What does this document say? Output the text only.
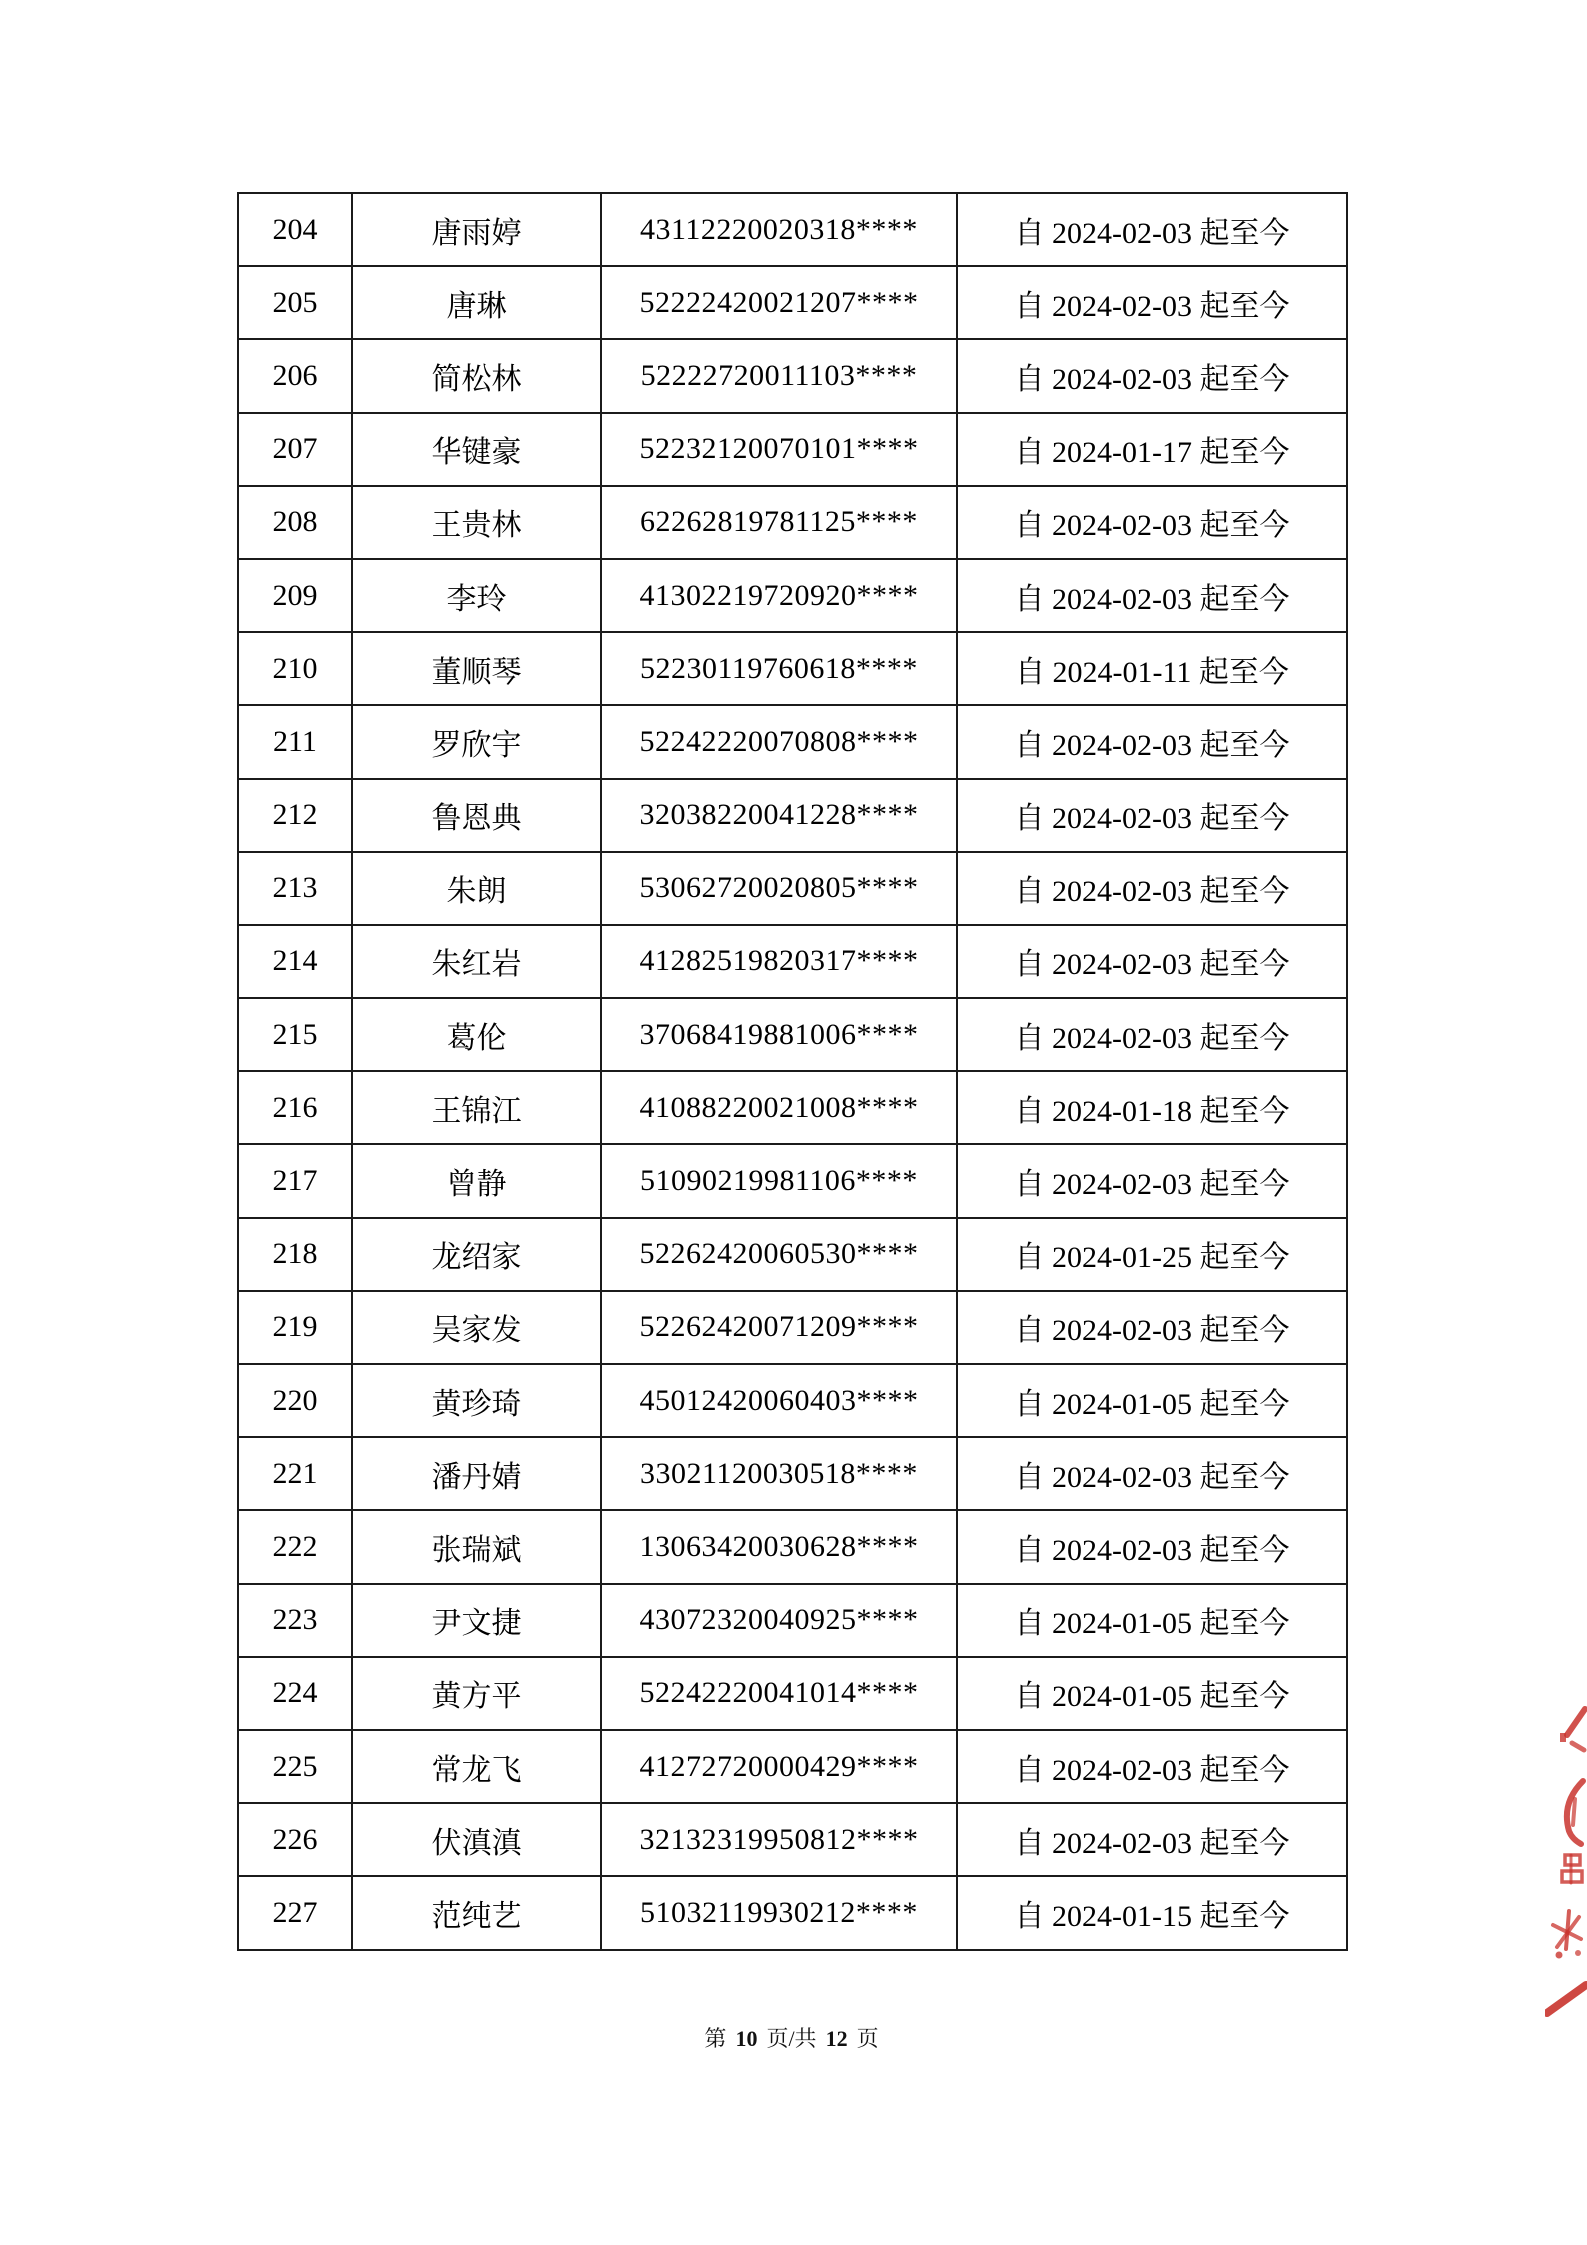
204	唐雨婷	43112220020318****	自 2024-02-03 起至今
205	唐琳	52222420021207****	自 2024-02-03 起至今
206	简松林	52222720011103****	自 2024-02-03 起至今
207	华键豪	52232120070101****	自 2024-01-17 起至今
208	王贵林	62262819781125****	自 2024-02-03 起至今
209	李玲	41302219720920****	自 2024-02-03 起至今
210	董顺琴	52230119760618****	自 2024-01-11 起至今
211	罗欣宇	52242220070808****	自 2024-02-03 起至今
212	鲁恩典	32038220041228****	自 2024-02-03 起至今
213	朱朗	53062720020805****	自 2024-02-03 起至今
214	朱红岩	41282519820317****	自 2024-02-03 起至今
215	葛伦	37068419881006****	自 2024-02-03 起至今
216	王锦江	41088220021008****	自 2024-01-18 起至今
217	曾静	51090219981106****	自 2024-02-03 起至今
218	龙绍家	52262420060530****	自 2024-01-25 起至今
219	吴家发	52262420071209****	自 2024-02-03 起至今
220	黄珍琦	45012420060403****	自 2024-01-05 起至今
221	潘丹婧	33021120030518****	自 2024-02-03 起至今
222	张瑞斌	13063420030628****	自 2024-02-03 起至今
223	尹文捷	43072320040925****	自 2024-01-05 起至今
224	黄方平	52242220041014****	自 2024-01-05 起至今
225	常龙飞	41272720000429****	自 2024-02-03 起至今
226	伏滇滇	32132319950812****	自 2024-02-03 起至今
227	范纯艺	51032119930212****	自 2024-01-15 起至今
第 10 页/共 12 页
